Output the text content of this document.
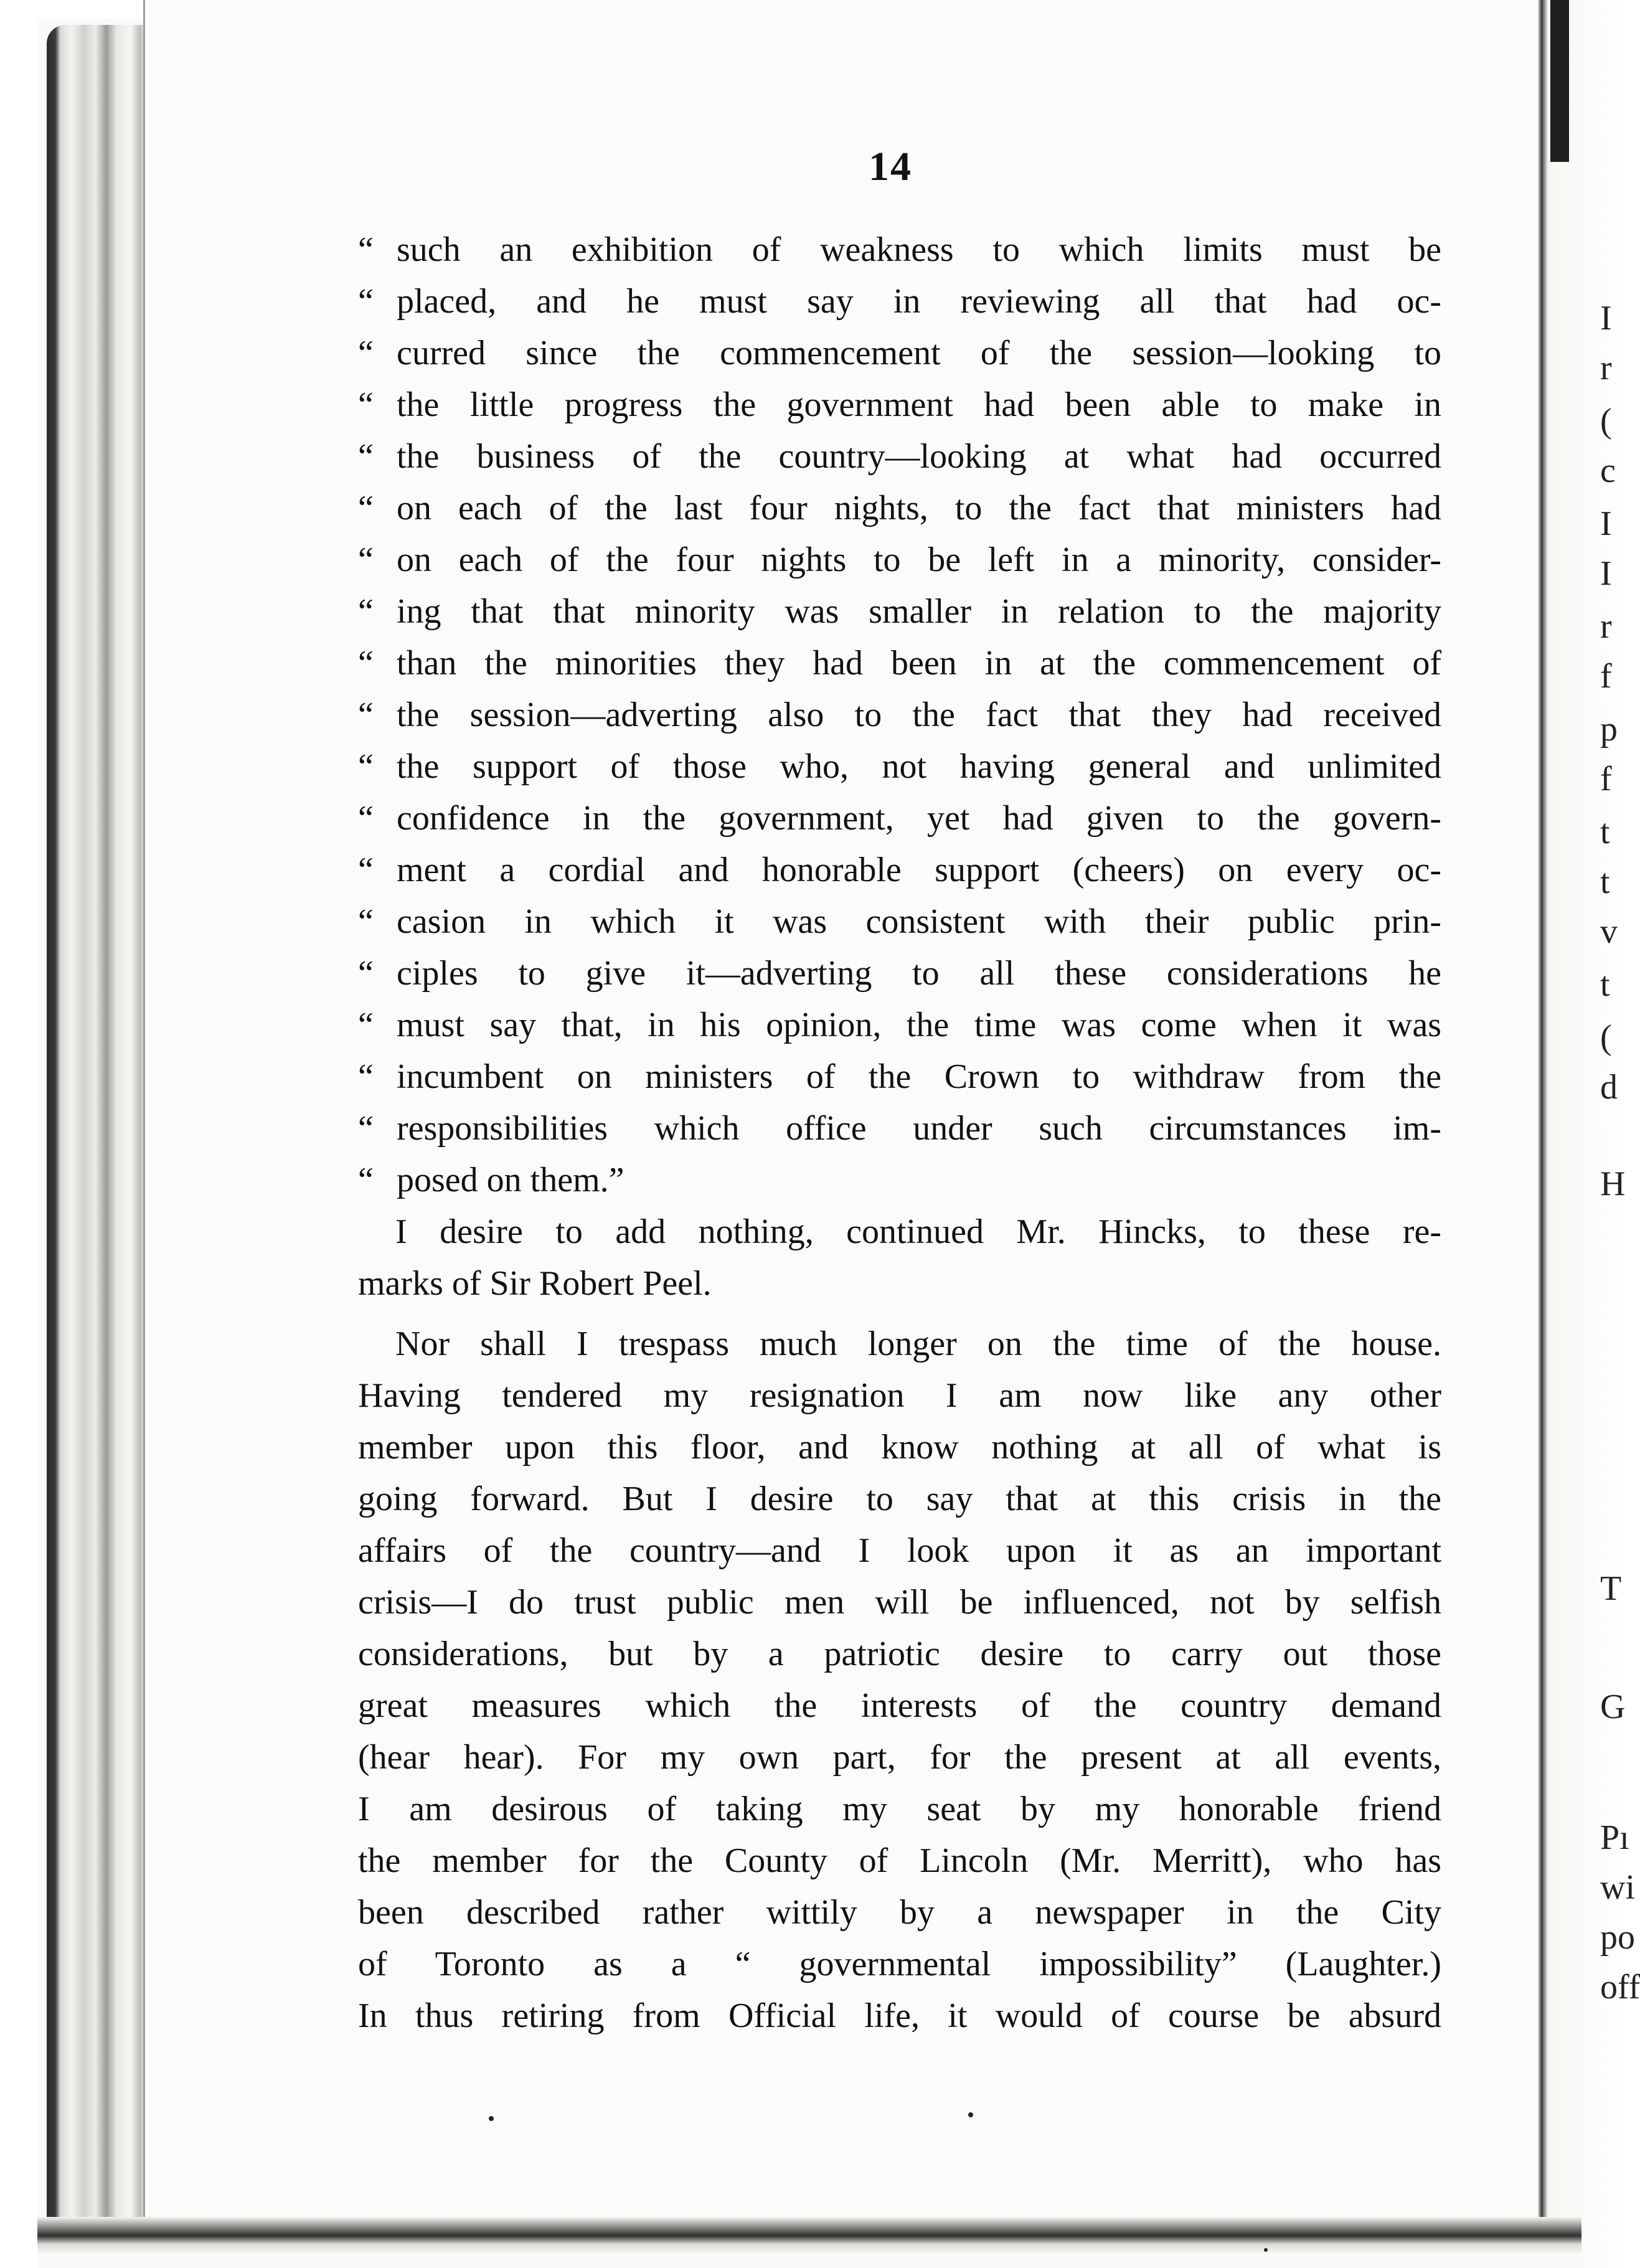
14
“ such an exhibition of weakness to which limits must be
“ placed, and he must say in reviewing all that had oc-
“ curred since the commencement of the session—looking to
“ the little progress the government had been able to make in
“ the business of the country—looking at what had occurred
“ on each of the last four nights, to the fact that ministers had
“ on each of the four nights to be left in a minority, consider-
“ ing that that minority was smaller in relation to the majority
“ than the minorities they had been in at the commencement of
“ the session—adverting also to the fact that they had received
“ the support of those who, not having general and unlimited
“ confidence in the government, yet had given to the govern-
“ ment a cordial and honorable support (cheers) on every oc-
“ casion in which it was consistent with their public prin-
“ ciples to give it—adverting to all these considerations he
“ must say that, in his opinion, the time was come when it was
“ incumbent on ministers of the Crown to withdraw from the
“ responsibilities which office under such circumstances im-
“ posed on them.”
I desire to add nothing, continued Mr. Hincks, to these re-
marks of Sir Robert Peel.
Nor shall I trespass much longer on the time of the house.
Having tendered my resignation I am now like any other
member upon this floor, and know nothing at all of what is
going forward. But I desire to say that at this crisis in the
affairs of the country—and I look upon it as an important
crisis—I do trust public men will be influenced, not by selfish
considerations, but by a patriotic desire to carry out those
great measures which the interests of the country demand
(hear hear). For my own part, for the present at all events,
I am desirous of taking my seat by my honorable friend
the member for the County of Lincoln (Mr. Merritt), who has
been described rather wittily by a newspaper in the City
of Toronto as a “ governmental impossibility” (Laughter.)
In thus retiring from Official life, it would of course be absurd
I
r
(
c
I
I
r
f
p
f
t
t
v
t
(
d
H
T
G
Pı
wi
po
off
